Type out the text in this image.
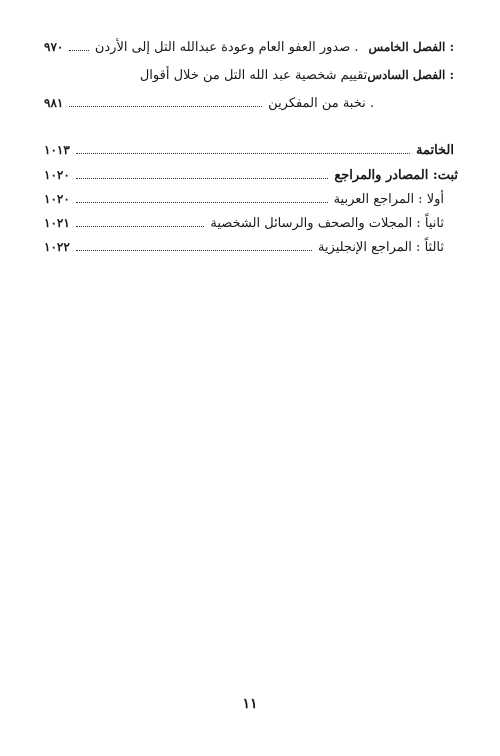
الفصل الخامس :
صدور العفو العام وعودة عبدالله التل إلى الأردن .
٩٧٠
الفصل السادس :
تقييم شخصية عبد الله التل من خلال أقوال
نخبة من المفكرين .
٩٨١
الخاتمة
١٠١٣
ثبت: المصادر والمراجع
١٠٢٠
أولا : المراجع العربية
١٠٢٠
ثانياً : المجلات والصحف والرسائل الشخصية
١٠٢١
ثالثاً : المراجع الإنجليزية
١٠٢٢
١١
